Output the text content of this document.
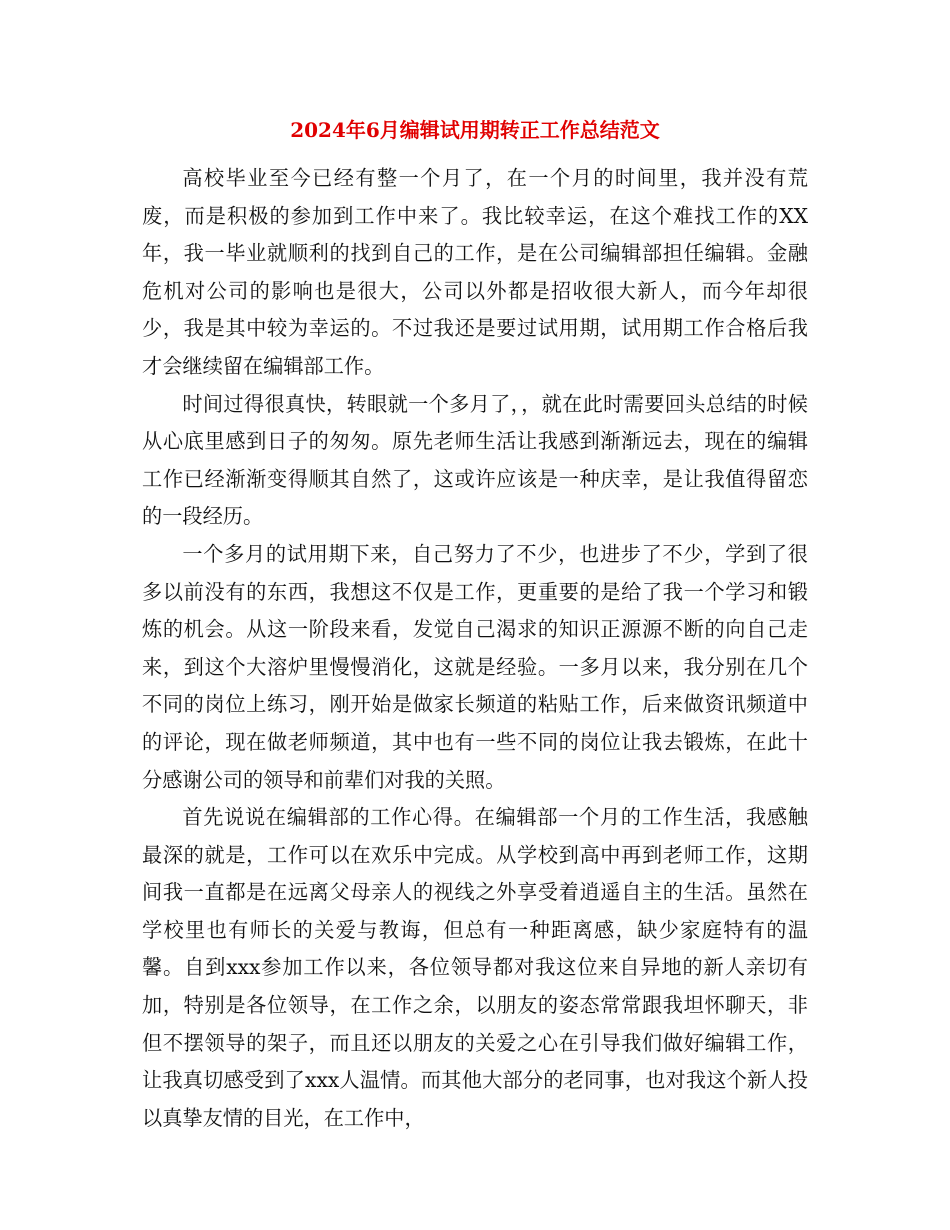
2024年6月编辑试用期转正工作总结范文

高校毕业至今已经有整一个月了，在一个月的时间里，我并没有荒废，而是积极的参加到工作中来了。我比较幸运，在这个难找工作的XX年，我一毕业就顺利的找到自己的工作，是在公司编辑部担任编辑。金融危机对公司的影响也是很大，公司以外都是招收很大新人，而今年却很少，我是其中较为幸运的。不过我还是要过试用期，试用期工作合格后我才会继续留在编辑部工作。

时间过得很真快，转眼就一个多月了，，就在此时需要回头总结的时候从心底里感到日子的匆匆。原先老师生活让我感到渐渐远去，现在的编辑工作已经渐渐变得顺其自然了，这或许应该是一种庆幸，是让我值得留恋的一段经历。

一个多月的试用期下来，自己努力了不少，也进步了不少，学到了很多以前没有的东西，我想这不仅是工作，更重要的是给了我一个学习和锻炼的机会。从这一阶段来看，发觉自己渴求的知识正源源不断的向自己走来，到这个大溶炉里慢慢消化，这就是经验。一多月以来，我分别在几个不同的岗位上练习，刚开始是做家长频道的粘贴工作，后来做资讯频道中的评论，现在做老师频道，其中也有一些不同的岗位让我去锻炼，在此十分感谢公司的领导和前辈们对我的关照。

首先说说在编辑部的工作心得。在编辑部一个月的工作生活，我感触最深的就是，工作可以在欢乐中完成。从学校到高中再到老师工作，这期间我一直都是在远离父母亲人的视线之外享受着逍遥自主的生活。虽然在学校里也有师长的关爱与教诲，但总有一种距离感，缺少家庭特有的温馨。自到xxx参加工作以来，各位领导都对我这位来自异地的新人亲切有加，特别是各位领导，在工作之余，以朋友的姿态常常跟我坦怀聊天，非但不摆领导的架子，而且还以朋友的关爱之心在引导我们做好编辑工作，让我真切感受到了xxx人温情。而其他大部分的老同事，也对我这个新人投以真挚友情的目光，在工作中，
